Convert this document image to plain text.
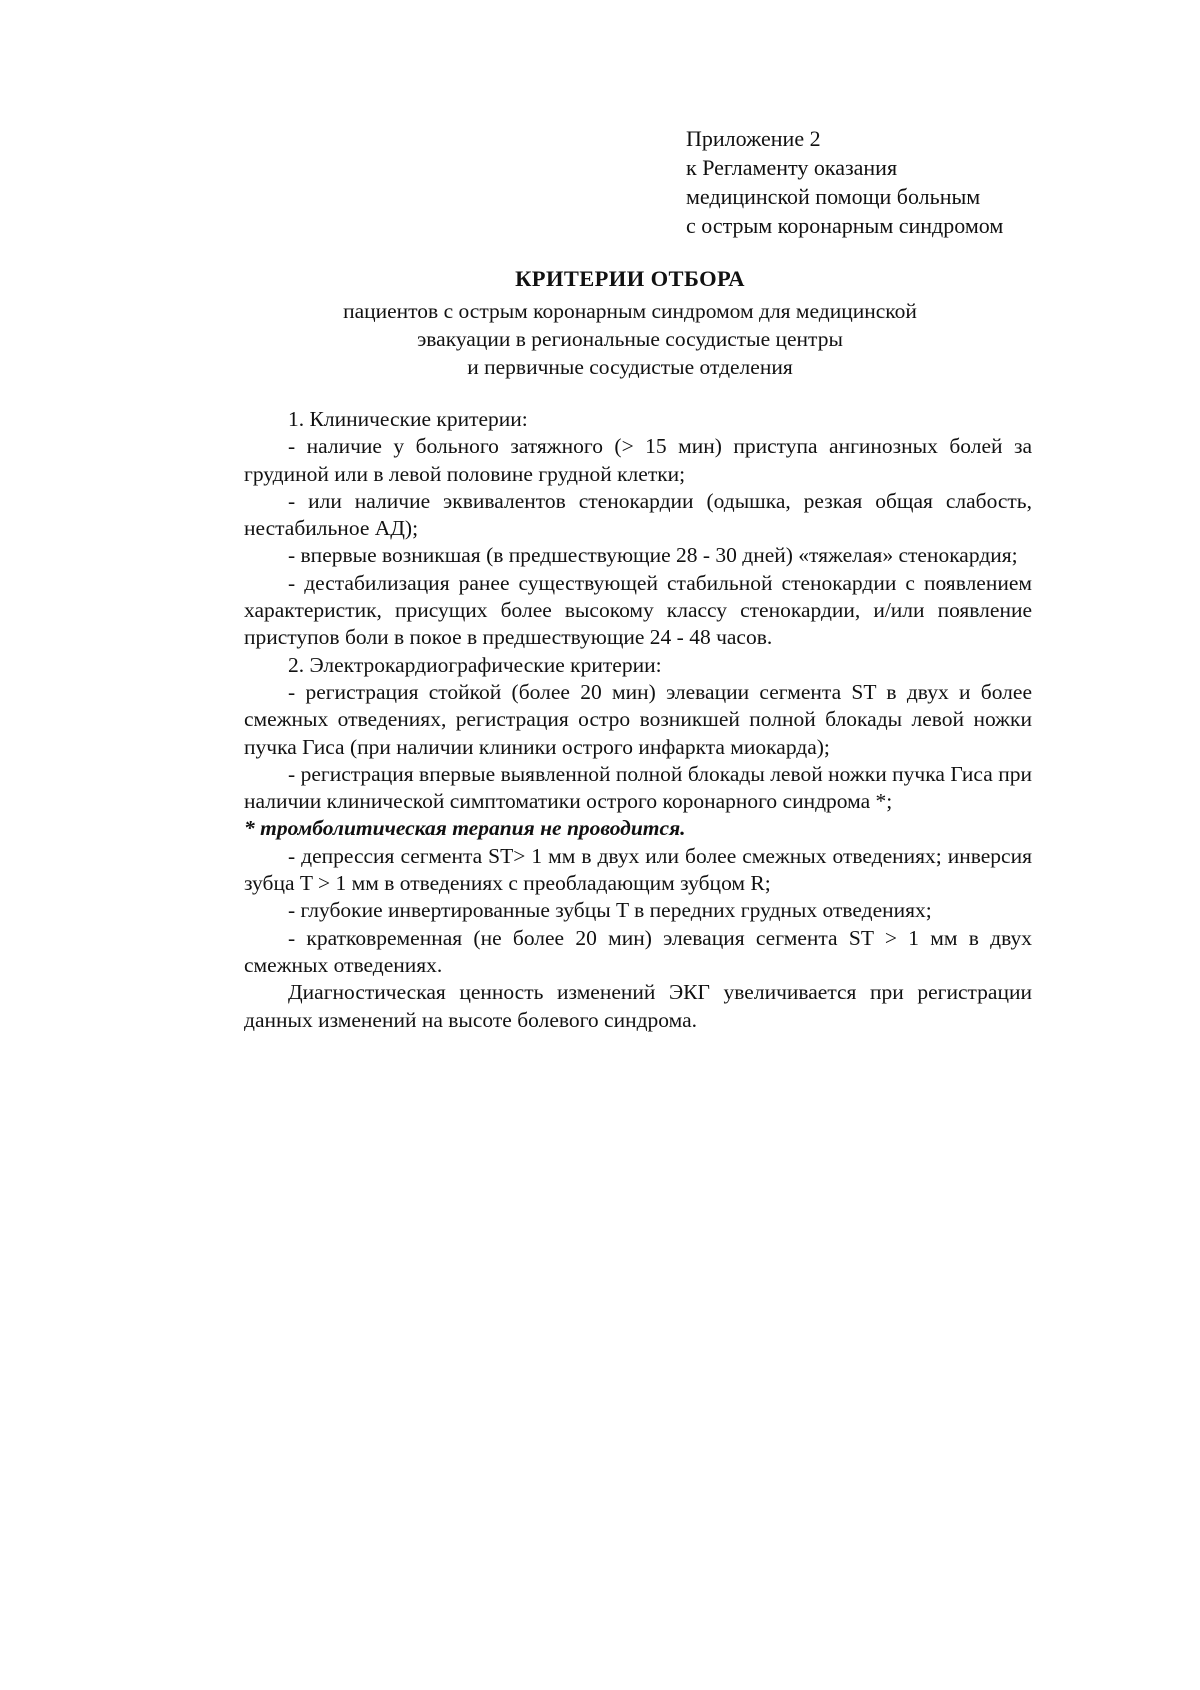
Приложение 2
к Регламенту оказания
медицинской помощи больным
с острым коронарным синдромом
КРИТЕРИИ ОТБОРА
пациентов с острым коронарным синдромом для медицинской
эвакуации в региональные сосудистые центры
и первичные сосудистые отделения

1. Клинические критерии:

- наличие у больного затяжного (> 15 мин) приступа ангинозных болей за грудиной или в левой половине грудной клетки;

- или наличие эквивалентов стенокардии (одышка, резкая общая слабость, нестабильное АД);

- впервые возникшая (в предшествующие 28 - 30 дней) «тяжелая» стенокардия;

- дестабилизация ранее существующей стабильной стенокардии с появлением характеристик, присущих более высокому классу стенокардии, и/или появление приступов боли в покое в предшествующие 24 - 48 часов.

2. Электрокардиографические критерии:

- регистрация стойкой (более 20 мин) элевации сегмента ST в двух и более смежных отведениях, регистрация остро возникшей полной блокады левой ножки пучка Гиса (при наличии клиники острого инфаркта миокарда);

- регистрация впервые выявленной полной блокады левой ножки пучка Гиса при наличии клинической симптоматики острого коронарного синдрома *;

* тромболитическая терапия не проводится.

- депрессия сегмента ST> 1 мм в двух или более смежных отведениях; инверсия зубца T > 1 мм в отведениях с преобладающим зубцом R;

- глубокие инвертированные зубцы T в передних грудных отведениях;

- кратковременная (не более 20 мин) элевация сегмента ST > 1 мм в двух смежных отведениях.

Диагностическая ценность изменений ЭКГ увеличивается при регистрации данных изменений на высоте болевого синдрома.
